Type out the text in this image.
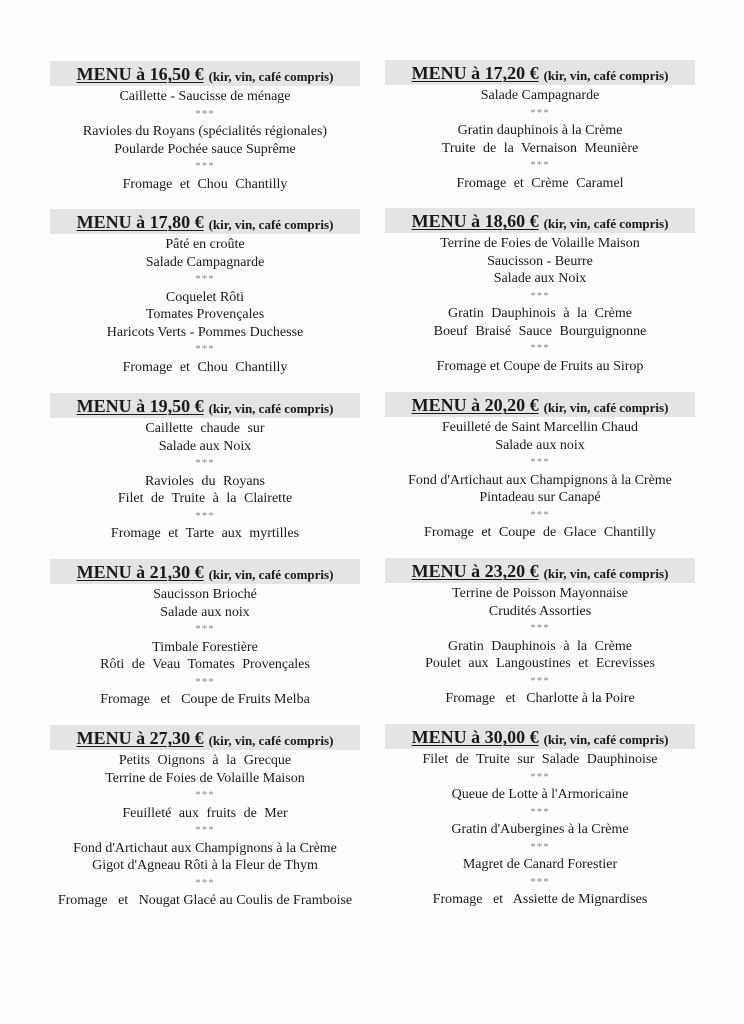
MENU à 16,50 € (kir, vin, café compris)
Caillette - Saucisse de ménage
***
Ravioles du Royans (spécialités régionales)
Poularde Pochée sauce Suprême
***
Fromage et Chou Chantilly
MENU à 17,20 € (kir, vin, café compris)
Salade Campagnarde
***
Gratin dauphinois à la Crème
Truite de la Vernaison Meunière
***
Fromage et Crème Caramel
MENU à 17,80 € (kir, vin, café compris)
Pâté en croûte
Salade Campagnarde
***
Coquelet Rôti
Tomates Provençales
Haricots Verts - Pommes Duchesse
***
Fromage et Chou Chantilly
MENU à 18,60 € (kir, vin, café compris)
Terrine de Foies de Volaille Maison
Saucisson - Beurre
Salade aux Noix
***
Gratin Dauphinois à la Crème
Boeuf Braisé Sauce Bourguignonne
***
Fromage et Coupe de Fruits au Sirop
MENU à 19,50 € (kir, vin, café compris)
Caillette chaude sur
Salade aux Noix
***
Ravioles du Royans
Filet de Truite à la Clairette
***
Fromage et Tarte aux myrtilles
MENU à 20,20 € (kir, vin, café compris)
Feuilleté de Saint Marcellin Chaud
Salade aux noix
***
Fond d'Artichaut aux Champignons à la Crème
Pintadeau sur Canapé
***
Fromage et Coupe de Glace Chantilly
MENU à 21,30 € (kir, vin, café compris)
Saucisson Brioché
Salade aux noix
***
Timbale Forestière
Rôti de Veau Tomates Provençales
***
Fromage   et   Coupe de Fruits Melba
MENU à 23,20 € (kir, vin, café compris)
Terrine de Poisson Mayonnaise
Crudités Assorties
***
Gratin Dauphinois à la Crème
Poulet aux Langoustines et Ecrevisses
***
Fromage   et   Charlotte à la Poire
MENU à 27,30 € (kir, vin, café compris)
Petits Oignons à la Grecque
Terrine de Foies de Volaille Maison
***
Feuilleté aux fruits de Mer
***
Fond d'Artichaut aux Champignons à la Crème
Gigot d'Agneau Rôti à la Fleur de Thym
***
Fromage   et   Nougat Glacé au Coulis de Framboise
MENU à 30,00 € (kir, vin, café compris)
Filet de Truite sur Salade Dauphinoise
***
Queue de Lotte à l'Armoricaine
***
Gratin d'Aubergines à la Crème
***
Magret de Canard Forestier
***
Fromage   et   Assiette de Mignardises
